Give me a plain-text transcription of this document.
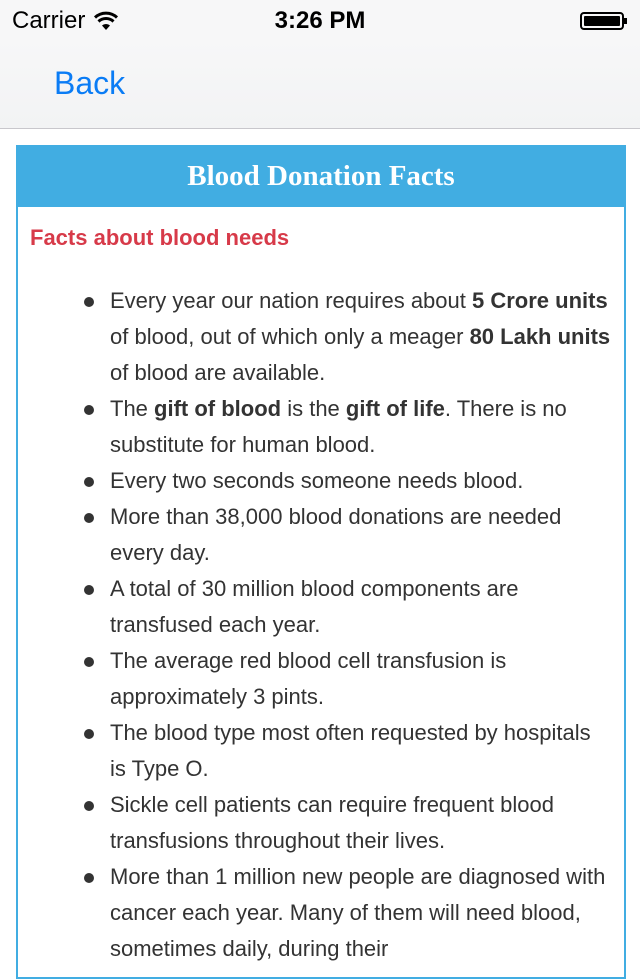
Carrier	3:26 PM
Back
Blood Donation Facts
Facts about blood needs
Every year our nation requires about 5 Crore units of blood, out of which only a meager 80 Lakh units of blood are available.
The gift of blood is the gift of life. There is no substitute for human blood.
Every two seconds someone needs blood.
More than 38,000 blood donations are needed every day.
A total of 30 million blood components are transfused each year.
The average red blood cell transfusion is approximately 3 pints.
The blood type most often requested by hospitals is Type O.
Sickle cell patients can require frequent blood transfusions throughout their lives.
More than 1 million new people are diagnosed with cancer each year. Many of them will need blood, sometimes daily, during their
